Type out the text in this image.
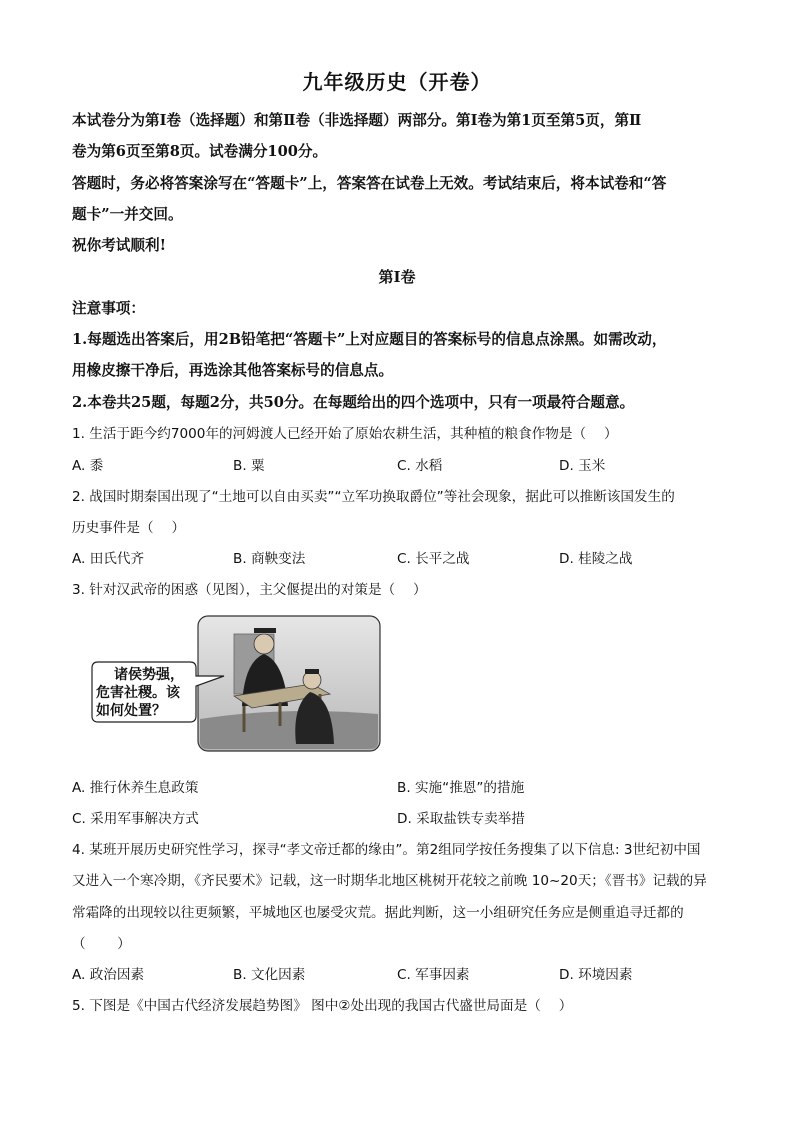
九年级历史（开卷）
本试卷分为第Ⅰ卷（选择题）和第Ⅱ卷（非选择题）两部分。第Ⅰ卷为第1页至第5页，第Ⅱ
卷为第6页至第8页。试卷满分100分。
答题时，务必将答案涂写在“答题卡”上，答案答在试卷上无效。考试结束后，将本试卷和“答
题卡”一并交回。
祝你考试顺利!
第Ⅰ卷
注意事项：
1.每题选出答案后，用2B铅笔把“答题卡”上对应题目的答案标号的信息点涂黑。如需改动，
用橡皮擦干净后，再选涂其他答案标号的信息点。
2.本卷共25题，每题2分，共50分。在每题给出的四个选项中，只有一项最符合题意。
1. 生活于距今约7000年的河姆渡人已经开始了原始农耕生活，其种植的粮食作物是（　 ）
A. 黍	B. 粟	C. 水稻	D. 玉米
2. 战国时期秦国出现了“土地可以自由买卖”“立军功换取爵位”等社会现象，据此可以推断该国发生的
历史事件是（　 ）
A. 田氏代齐	B. 商鞅变法	C. 长平之战	D. 桂陵之战
3. 针对汉武帝的困惑（见图），主父偃提出的对策是（　 ）
诸侯势强，
危害社稷。该
如何处置？
A. 推行休养生息政策	B. 实施“推恩”的措施
C. 采用军事解决方式	D. 采取盐铁专卖举措
4. 某班开展历史研究性学习，探寻“孝文帝迁都的缘由”。第2组同学按任务搜集了以下信息: 3世纪初中国
又进入一个寒冷期，《齐民要术》记载，这一时期华北地区桃树开花较之前晚 10~20天；《晋书》记载的异
常霜降的出现较以往更频繁，平城地区也屡受灾荒。据此判断，这一小组研究任务应是侧重追寻迁都的
（　　 ）
A. 政治因素	B. 文化因素	C. 军事因素	D. 环境因素
5. 下图是《中国古代经济发展趋势图》 图中②处出现的我国古代盛世局面是（　 ）
